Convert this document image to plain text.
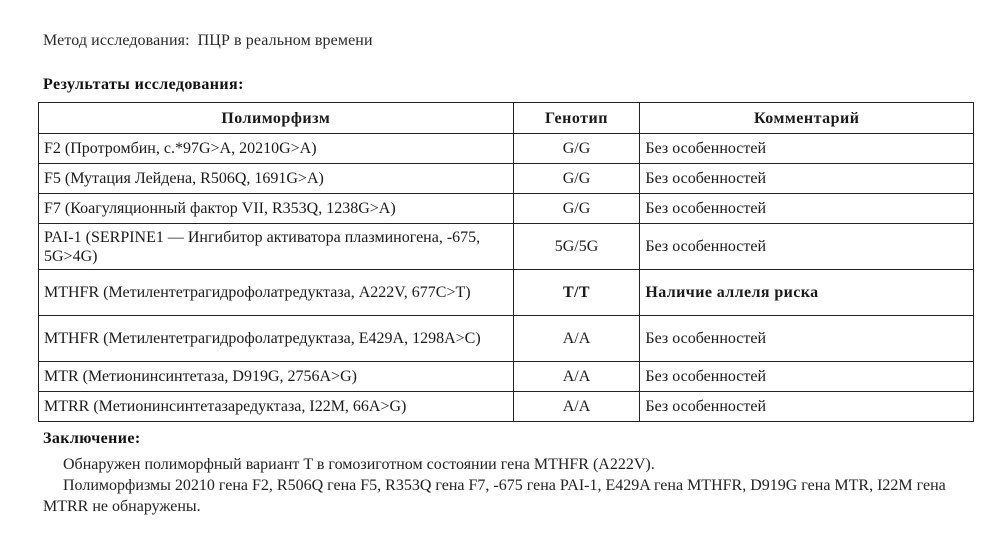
Метод исследования: ПЦР в реальном времени
Результаты исследования:
Полиморфизм	Генотип	Комментарий
F2 (Протромбин, c.*97G>A, 20210G>A)	G/G	Без особенностей
F5 (Мутация Лейдена, R506Q, 1691G>A)	G/G	Без особенностей
F7 (Коагуляционный фактор VII, R353Q, 1238G>A)	G/G	Без особенностей
PAI-1 (SERPINE1 — Ингибитор активатора плазминогена, -675, 5G>4G)	5G/5G	Без особенностей
MTHFR (Метилентетрагидрофолатредуктаза, A222V, 677C>T)	T/T	Наличие аллеля риска
MTHFR (Метилентетрагидрофолатредуктаза, E429A, 1298A>C)	A/A	Без особенностей
MTR (Метионинсинтетаза, D919G, 2756A>G)	A/A	Без особенностей
MTRR (Метионинсинтетазаредуктаза, I22M, 66A>G)	A/A	Без особенностей
Заключение:

Обнаружен полиморфный вариант T в гомозиготном состоянии гена MTHFR (A222V).

Полиморфизмы 20210 гена F2, R506Q гена F5, R353Q гена F7, -675 гена PAI-1, E429A гена MTHFR, D919G гена MTR, I22M гена MTRR не обнаружены.
